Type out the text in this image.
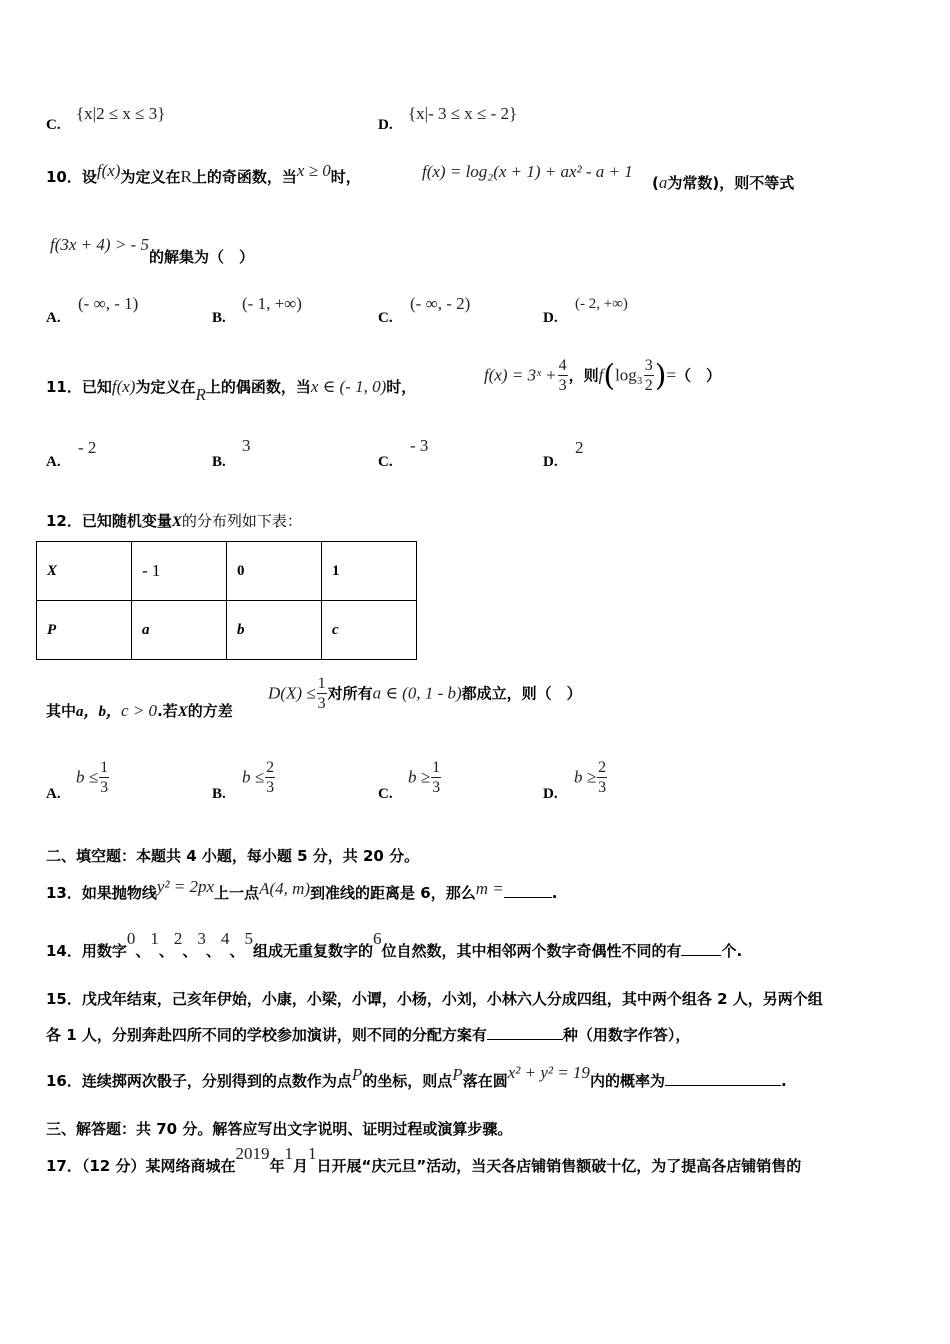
C.
{x|2 ≤ x ≤ 3}
D.
{x|- 3 ≤ x ≤ - 2}
10．设f(x)为定义在R上的奇函数，当x ≥ 0时，	f(x) = log₂(x + 1) + ax² - a + 1
(a为常数)，则不等式
f(3x + 4) > - 5的解集为（　）
A.
(- ∞, - 1)
B.
(- 1, +∞)
C.
(- ∞, - 2)
D.
(- 2, +∞)
11．已知f(x)为定义在R上的偶函数，当x ∈ (- 1, 0)时，
f(x) = 3ˣ + $\frac{4}{3}$ ，则$f(\log_3 \frac{3}{2}$ )=（　）
A.
- 2
B.
3
C.
- 3
D.
2
12．已知随机变量X的分布列如下表：
X	- 1	0	1
P	a	b	c
其中a，b，c > 0.若X的方差
$D(X) \le \frac{1}{3}$ 对所有a ∈ (0, 1 - b)都成立，则（　）
A.
$b \le \frac{1}{3}$	B.
$b \le \frac{2}{3}$	C.
$b \ge \frac{1}{3}$	D.
$b \ge \frac{2}{3}$
二、填空题：本题共 4 小题，每小题 5 分，共 20 分。
13．如果抛物线y² = 2px上一点A(4, m)到准线的距离是 6，那么m =	.
14．用数字0、1、2、3、4、5组成无重复数字的6位自然数，其中相邻两个数字奇偶性不同的有	个.
15．戊戌年结束，己亥年伊始，小康，小梁，小谭，小杨，小刘，小林六人分成四组，其中两个组各 2 人，另两个组
各 1 人，分别奔赴四所不同的学校参加演讲，则不同的分配方案有	种（用数字作答），
16．连续掷两次骰子，分别得到的点数作为点P的坐标，则点P落在圆x² + y² = 19内的概率为	.
三、解答题：共 70 分。解答应写出文字说明、证明过程或演算步骤。
17．（12 分）某网络商城在2019年1月1日开展“庆元旦”活动，当天各店铺销售额破十亿，为了提高各店铺销售的
